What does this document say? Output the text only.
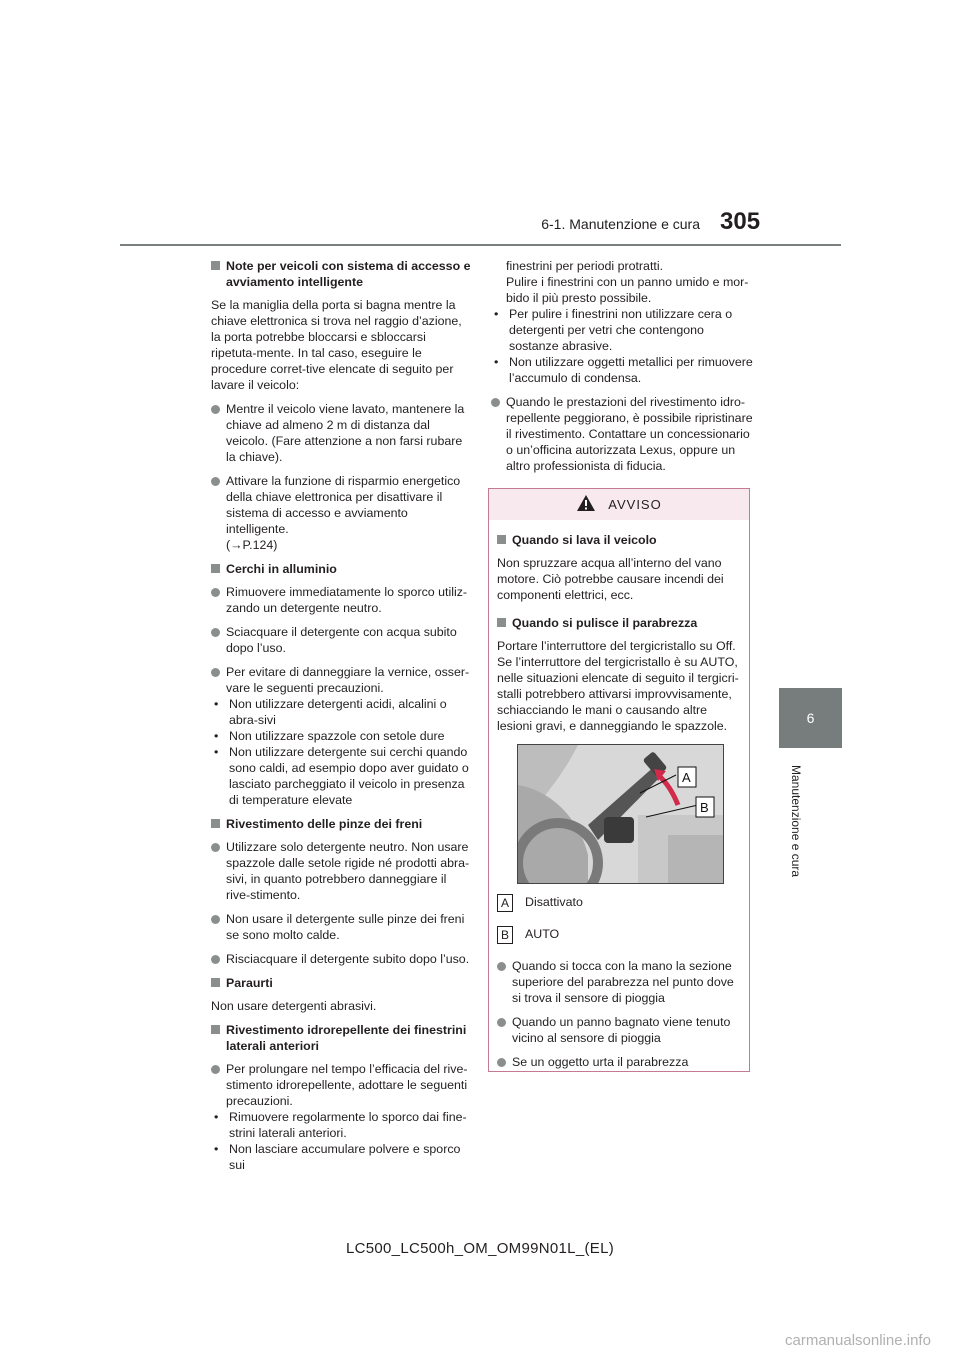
6-1. Manutenzione e cura 305
6
Manutenzione e cura
Note per veicoli con sistema di accesso e avviamento intelligente
Se la maniglia della porta si bagna mentre la chiave elettronica si trova nel raggio d’azione, la porta potrebbe bloccarsi e sbloccarsi ripetuta-mente. In tal caso, eseguire le procedure corret-tive elencate di seguito per lavare il veicolo:
Mentre il veicolo viene lavato, mantenere la chiave ad almeno 2 m di distanza dal veicolo. (Fare attenzione a non farsi rubare la chiave).
Attivare la funzione di risparmio energetico della chiave elettronica per disattivare il sistema di accesso e avviamento intelligente.
(→P.124)
Cerchi in alluminio
Rimuovere immediatamente lo sporco utiliz-zando un detergente neutro.
Sciacquare il detergente con acqua subito dopo l’uso.
Per evitare di danneggiare la vernice, osser-vare le seguenti precauzioni.
• Non utilizzare detergenti acidi, alcalini o abra-sivi
• Non utilizzare spazzole con setole dure
• Non utilizzare detergente sui cerchi quando sono caldi, ad esempio dopo aver guidato o lasciato parcheggiato il veicolo in presenza di temperature elevate
Rivestimento delle pinze dei freni
Utilizzare solo detergente neutro. Non usare spazzole dalle setole rigide né prodotti abra-sivi, in quanto potrebbero danneggiare il rive-stimento.
Non usare il detergente sulle pinze dei freni se sono molto calde.
Risciacquare il detergente subito dopo l’uso.
Paraurti
Non usare detergenti abrasivi.
Rivestimento idrorepellente dei finestrini laterali anteriori
Per prolungare nel tempo l’efficacia del rive-stimento idrorepellente, adottare le seguenti precauzioni.
• Rimuovere regolarmente lo sporco dai fine-strini laterali anteriori.
• Non lasciare accumulare polvere e sporco sui
finestrini per periodi protratti.
Pulire i finestrini con un panno umido e mor-bido il più presto possibile.
• Per pulire i finestrini non utilizzare cera o detergenti per vetri che contengono sostanze abrasive.
• Non utilizzare oggetti metallici per rimuovere l’accumulo di condensa.
Quando le prestazioni del rivestimento idro-repellente peggiorano, è possibile ripristinare il rivestimento. Contattare un concessionario o un’officina autorizzata Lexus, oppure un altro professionista di fiducia.
AVVISO
Quando si lava il veicolo
Non spruzzare acqua all’interno del vano motore. Ciò potrebbe causare incendi dei componenti elettrici, ecc.
Quando si pulisce il parabrezza
Portare l’interruttore del tergicristallo su Off. Se l’interruttore del tergicristallo è su AUTO, nelle situazioni elencate di seguito il tergicri-stalli potrebbero attivarsi improvvisamente, schiacciando le mani o causando altre lesioni gravi, e danneggiando le spazzole.
A
B
A	Disattivato
B	AUTO
Quando si tocca con la mano la sezione superiore del parabrezza nel punto dove si trova il sensore di pioggia
Quando un panno bagnato viene tenuto vicino al sensore di pioggia
Se un oggetto urta il parabrezza
LC500_LC500h_OM_OM99N01L_(EL)
carmanualsonline.info
